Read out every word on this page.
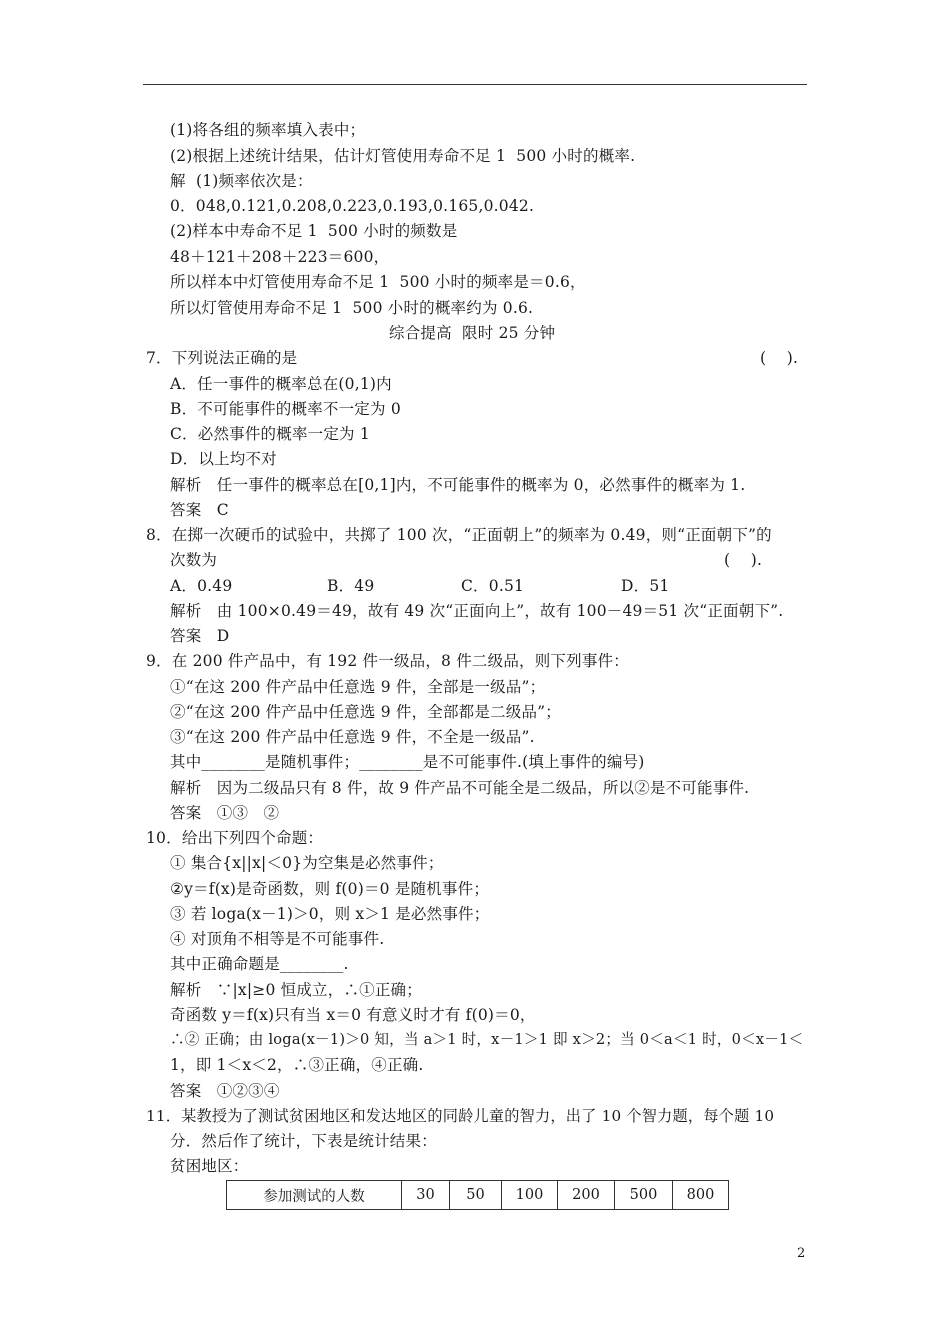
(1)将各组的频率填入表中；
(2)根据上述统计结果，估计灯管使用寿命不足 1  500 小时的概率.
解  (1)频率依次是：
0．048,0.121,0.208,0.223,0.193,0.165,0.042.
(2)样本中寿命不足 1  500 小时的频数是
48＋121＋208＋223＝600，
所以样本中灯管使用寿命不足 1  500 小时的频率是＝0.6，
所以灯管使用寿命不足 1  500 小时的概率约为 0.6.
综合提高  限时 25 分钟
7．下列说法正确的是	(    ).
A．任一事件的概率总在(0,1)内
B．不可能事件的概率不一定为 0
C．必然事件的概率一定为 1
D．以上均不对
解析   任一事件的概率总在[0,1]内，不可能事件的概率为 0，必然事件的概率为 1.
答案   C
8．在掷一次硬币的试验中，共掷了 100 次，“正面朝上”的频率为 0.49，则“正面朝下”的
次数为	(    ).
A．0.49	B．49	C．0.51	D．51
解析   由 100×0.49＝49，故有 49 次“正面向上”，故有 100－49＝51 次“正面朝下”.
答案   D
9．在 200 件产品中，有 192 件一级品，8 件二级品，则下列事件：
①“在这 200 件产品中任意选 9 件，全部是一级品”；
②“在这 200 件产品中任意选 9 件，全部都是二级品”；
③“在这 200 件产品中任意选 9 件，不全是一级品”.
其中________是随机事件；________是不可能事件.(填上事件的编号)
解析   因为二级品只有 8 件，故 9 件产品不可能全是二级品，所以②是不可能事件.
答案   ①③   ②
10．给出下列四个命题：
① 集合{x||x|＜0}为空集是必然事件；
②y＝f(x)是奇函数，则 f(0)＝0 是随机事件；
③ 若 loga(x－1)＞0，则 x＞1 是必然事件；
④ 对顶角不相等是不可能事件.
其中正确命题是________.
解析   ∵|x|≥0 恒成立，∴①正确；
奇函数 y＝f(x)只有当 x＝0 有意义时才有 f(0)＝0，
∴② 正确；由 loga(x－1)＞0 知，当 a＞1 时，x－1＞1 即 x＞2；当 0＜a＜1 时，0＜x－1＜
1，即 1＜x＜2，∴③正确，④正确.
答案   ①②③④
11．某教授为了测试贫困地区和发达地区的同龄儿童的智力，出了 10 个智力题，每个题 10
分．然后作了统计，下表是统计结果：
贫困地区：
参加测试的人数	30	50	100	200	500	800
2
